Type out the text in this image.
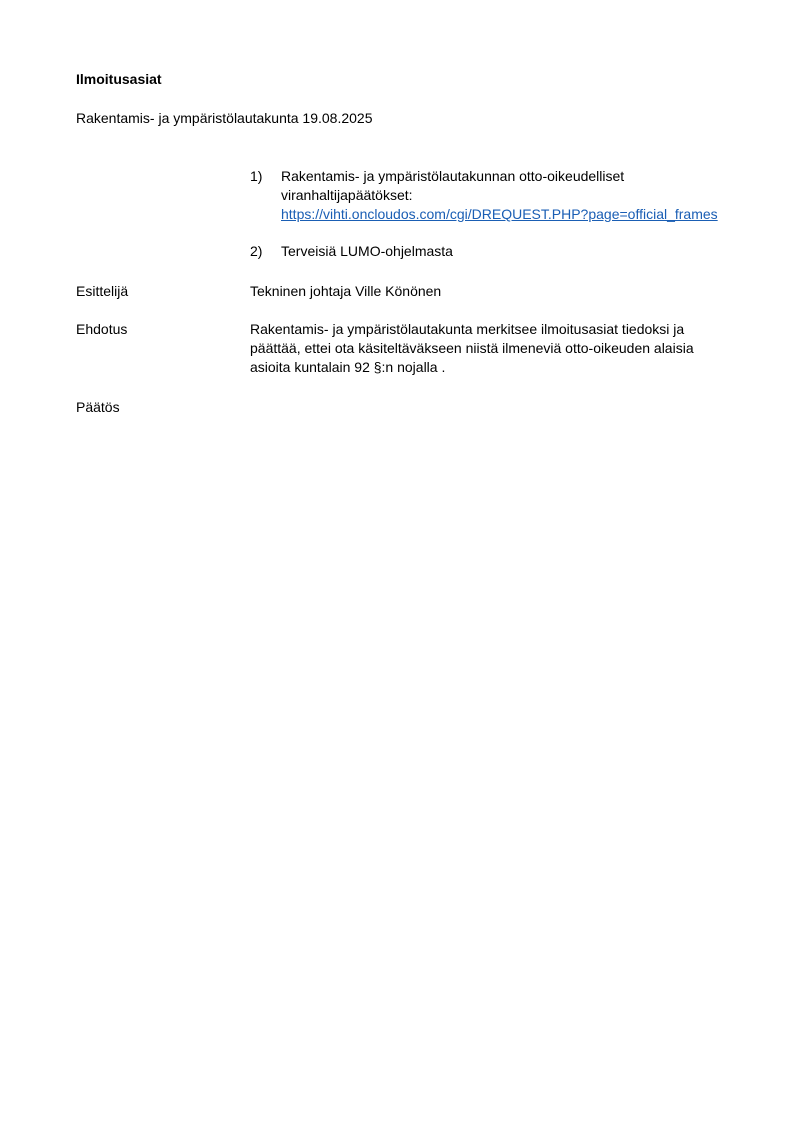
Ilmoitusasiat
Rakentamis- ja ympäristölautakunta 19.08.2025
1) Rakentamis- ja ympäristölautakunnan otto-oikeudelliset
viranhaltijapäätökset:
https://vihti.oncloudos.com/cgi/DREQUEST.PHP?page=official_frames
2) Terveisiä LUMO-ohjelmasta
Esittelijä	Tekninen johtaja Ville Könönen
Ehdotus	Rakentamis- ja ympäristölautakunta merkitsee ilmoitusasiat tiedoksi ja
päättää, ettei ota käsiteltäväkseen niistä ilmeneviä otto-oikeuden alaisia
asioita kuntalain 92 §:n nojalla .
Päätös
